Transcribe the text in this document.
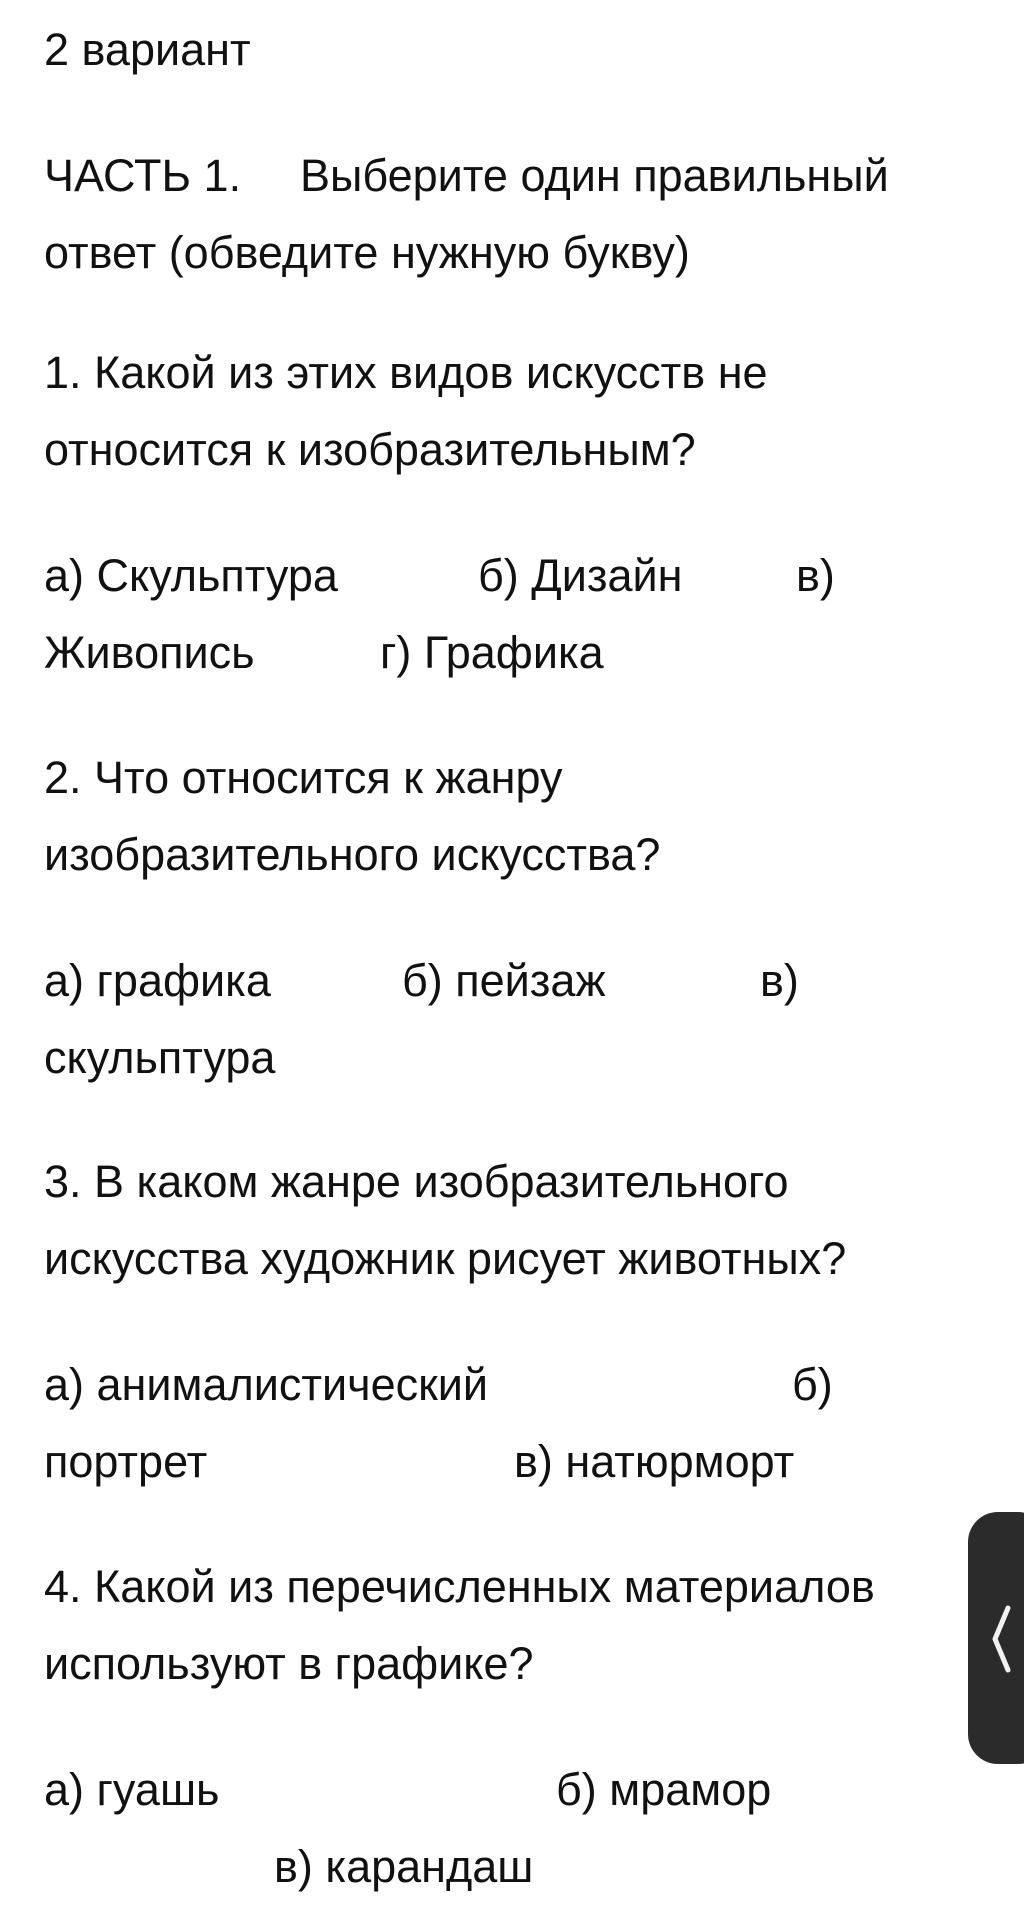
2 вариант
ЧАСТЬ 1. Выберите один правильный
ответ (обведите нужную букву)
1. Какой из этих видов искусств не
относится к изобразительным?
а) Скульптура	б) Дизайн	в)
Живопись	г) Графика
2. Что относится к жанру
изобразительного искусства?
а) графика	б) пейзаж	в)
скульптура
3. В каком жанре изобразительного
искусства художник рисует животных?
а) анималистический	б)
портрет	в) натюрморт
4. Какой из перечисленных материалов
используют в графике?
а) гуашь	б) мрамор
в) карандаш
